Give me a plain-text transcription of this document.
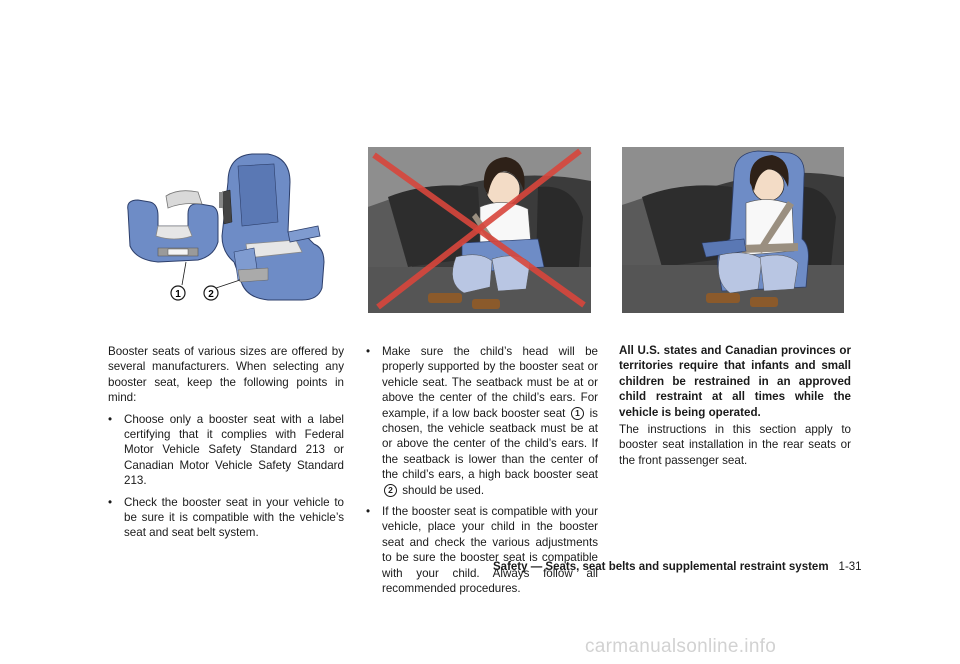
1	2

Booster seats of various sizes are offered by several manufacturers. When selecting any booster seat, keep the following points in mind:

• Choose only a booster seat with a label certifying that it complies with Federal Motor Vehicle Safety Standard 213 or Canadian Motor Vehicle Safety Standard 213.
• Check the booster seat in your vehicle to be sure it is compatible with the vehicle’s seat and seat belt system.
• Make sure the child’s head will be properly supported by the booster seat or vehicle seat. The seatback must be at or above the center of the child’s ears. For example, if a low back booster seat 1 is chosen, the vehicle seatback must be at or above the center of the child’s ears. If the seatback is lower than the center of the child’s ears, a high back booster seat 2 should be used.
• If the booster seat is compatible with your vehicle, place your child in the booster seat and check the various adjustments to be sure the booster seat is compatible with your child. Always follow all recommended procedures.

All U.S. states and Canadian provinces or territories require that infants and small children be restrained in an approved child restraint at all times while the vehicle is being operated.

The instructions in this section apply to booster seat installation in the rear seats or the front passenger seat.

Safety — Seats, seat belts and supplemental restraint system 1-31
carmanualsonline.info
